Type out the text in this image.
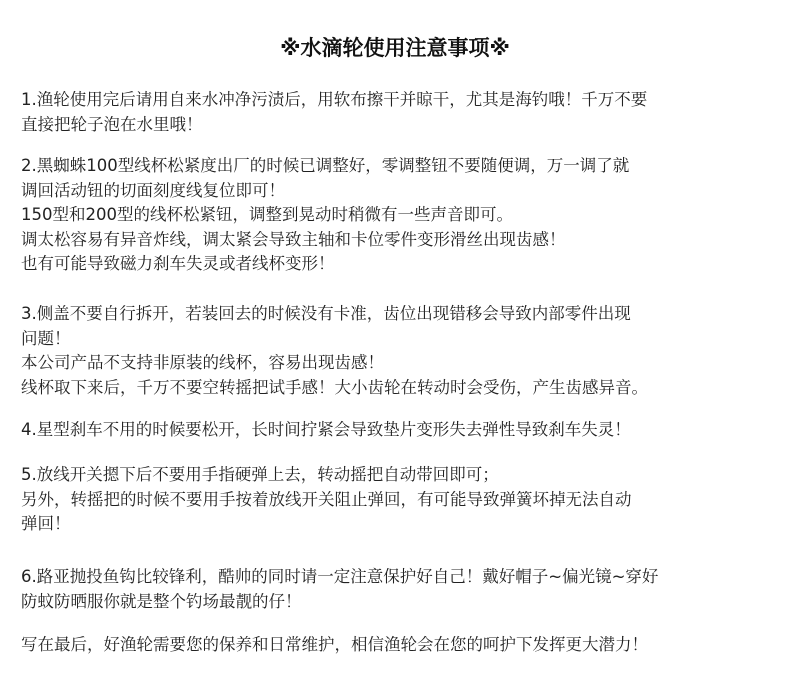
※水滴轮使用注意事项※
1.渔轮使用完后请用自来水冲净污渍后，用软布擦干并晾干，尤其是海钓哦！千万不要
直接把轮子泡在水里哦！
2.黑蜘蛛100型线杯松紧度出厂的时候已调整好，零调整钮不要随便调，万一调了就
调回活动钮的切面刻度线复位即可！
150型和200型的线杯松紧钮，调整到晃动时稍微有一些声音即可。
调太松容易有异音炸线，调太紧会导致主轴和卡位零件变形滑丝出现齿感！
也有可能导致磁力刹车失灵或者线杯变形！
3.侧盖不要自行拆开，若装回去的时候没有卡准，齿位出现错移会导致内部零件出现
问题！
本公司产品不支持非原装的线杯，容易出现齿感！
线杯取下来后，千万不要空转摇把试手感！大小齿轮在转动时会受伤，产生齿感异音。
4.星型刹车不用的时候要松开，长时间拧紧会导致垫片变形失去弹性导致刹车失灵！
5.放线开关摁下后不要用手指硬弹上去，转动摇把自动带回即可；
另外，转摇把的时候不要用手按着放线开关阻止弹回，有可能导致弹簧坏掉无法自动
弹回！
6.路亚抛投鱼钩比较锋利，酷帅的同时请一定注意保护好自己！戴好帽子~偏光镜~穿好
防蚊防晒服你就是整个钓场最靓的仔！
写在最后，好渔轮需要您的保养和日常维护，相信渔轮会在您的呵护下发挥更大潜力！
